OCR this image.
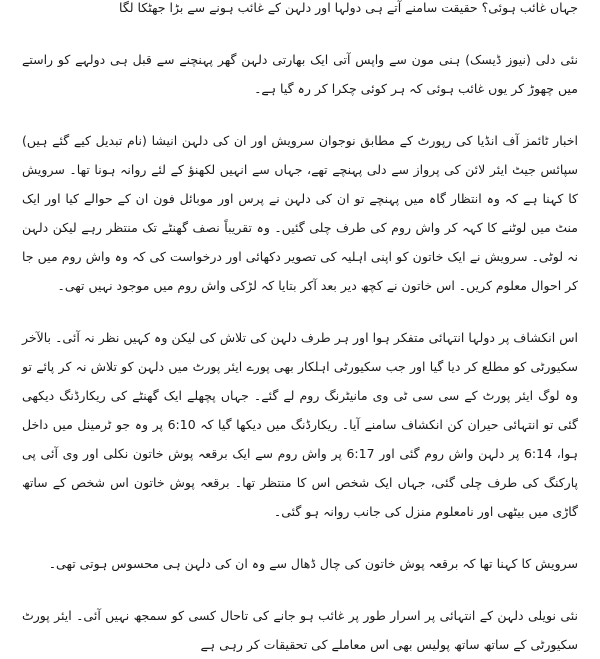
جہاں غائب ہوئی؟ حقیقت سامنے آتے ہی دولہا اور دلہن کے غائب ہونے سے بڑا جھٹکا لگا

نئی دلی (نیوز ڈیسک) ہنی مون سے واپس آتی ایک بھارتی دلہن گھر پہنچنے سے قبل ہی دولہے کو راستے میں چھوڑ کر یوں غائب ہوئی کہ ہر کوئی چکرا کر رہ گیا ہے۔

اخبار ٹائمز آف انڈیا کی رپورٹ کے مطابق نوجوان سرویش اور ان کی دلہن انیشا (نام تبدیل کیے گئے ہیں) سپائس جیٹ ایئر لائن کی پرواز سے دلی پہنچے تھے، جہاں سے انہیں لکھنؤ کے لئے روانہ ہونا تھا۔ سرویش کا کہنا ہے کہ وہ انتظار گاہ میں پہنچے تو ان کی دلہن نے پرس اور موبائل فون ان کے حوالے کیا اور ایک منٹ میں لوٹنے کا کہہ کر واش روم کی طرف چلی گئیں۔ وہ تقریباً نصف گھنٹے تک منتظر رہے لیکن دلہن نہ لوٹی۔ سرویش نے ایک خاتون کو اپنی اہلیہ کی تصویر دکھائی اور درخواست کی کہ وہ واش روم میں جا کر احوال معلوم کریں۔ اس خاتون نے کچھ دیر بعد آکر بتایا کہ لڑکی واش روم میں موجود نہیں تھی۔

اس انکشاف پر دولہا انتہائی متفکر ہوا اور ہر طرف دلہن کی تلاش کی لیکن وہ کہیں نظر نہ آئی۔ بالآخر سکیورٹی کو مطلع کر دیا گیا اور جب سکیورٹی اہلکار بھی پورے ایئر پورٹ میں دلہن کو تلاش نہ کر پائے تو وہ لوگ ایئر پورٹ کے سی سی ٹی وی مانیٹرنگ روم لے گئے۔ جہاں پچھلے ایک گھنٹے کی ریکارڈنگ دیکھی گئی تو انتہائی حیران کن انکشاف سامنے آیا۔ ریکارڈنگ میں دیکھا گیا کہ 6:10 پر وہ جو ٹرمینل میں داخل ہوا، 6:14 پر دلہن واش روم گئی اور 6:17 پر واش روم سے ایک برقعہ پوش خاتون نکلی اور وی آئی پی پارکنگ کی طرف چلی گئی، جہاں ایک شخص اس کا منتظر تھا۔ برقعہ پوش خاتون اس شخص کے ساتھ گاڑی میں بیٹھی اور نامعلوم منزل کی جانب روانہ ہو گئی۔

سرویش کا کہنا تھا کہ برقعہ پوش خاتون کی چال ڈھال سے وہ ان کی دلہن ہی محسوس ہوتی تھی۔

نئی نویلی دلہن کے انتہائی پر اسرار طور پر غائب ہو جانے کی تاحال کسی کو سمجھ نہیں آئی۔ ایئر پورٹ سکیورٹی کے ساتھ ساتھ پولیس بھی اس معاملے کی تحقیقات کر رہی ہے
